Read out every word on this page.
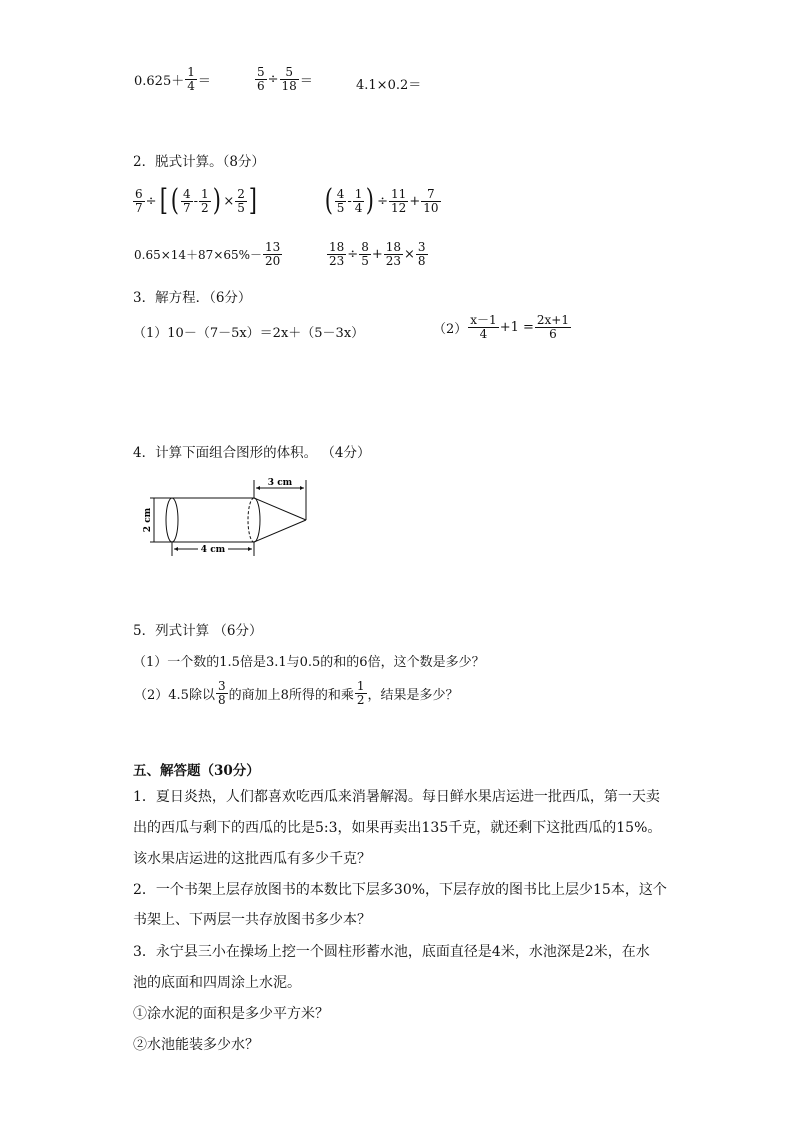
$0.625+ \frac{1}{4}$ ＝	$\frac{5}{6} \div \frac{5}{18}$ ＝	4.1×0.2＝
2．脱式计算。（8分）
$\frac{6}{7}$ ÷[ ( $\frac{4}{7} - \frac{1}{2}$ ) × $\frac{2}{5}$ ] ( $\frac{4}{5} - \frac{1}{4}$ ) ÷ $\frac{11}{12} + \frac{7}{10}$
$0.65\times 14+87\times 65\%- \frac{13}{20}$	$\frac{18}{23} \div \frac{8}{5} + \frac{18}{23} \times \frac{3}{8}$
3．解方程．（6分）
（1）10－（7－5x）＝2x＋（5－3x）	$(2) \frac{x-1}{4} +1 = \frac{2x+1}{6}$
4．计算下面组合图形的体积。 （4分）
2 cm
3 cm
4 cm
5．列式计算 （6分）
（1）一个数的1.5倍是3.1与0.5的和的6倍，这个数是多少？
（2）4.5除以 $\frac{3}{8}$ 的商加上8所得的和乘 $\frac{1}{2}$ ，结果是多少？
五、解答题（30分）
1．夏日炎热，人们都喜欢吃西瓜来消暑解渴。每日鲜水果店运进一批西瓜，第一天卖
出的西瓜与剩下的西瓜的比是5:3，如果再卖出135千克，就还剩下这批西瓜的15%。
该水果店运进的这批西瓜有多少千克？
2．一个书架上层存放图书的本数比下层多30%，下层存放的图书比上层少15本，这个
书架上、下两层一共存放图书多少本？
3．永宁县三小在操场上挖一个圆柱形蓄水池，底面直径是4米，水池深是2米，在水
池的底面和四周涂上水泥。
①涂水泥的面积是多少平方米？
②水池能装多少水？
